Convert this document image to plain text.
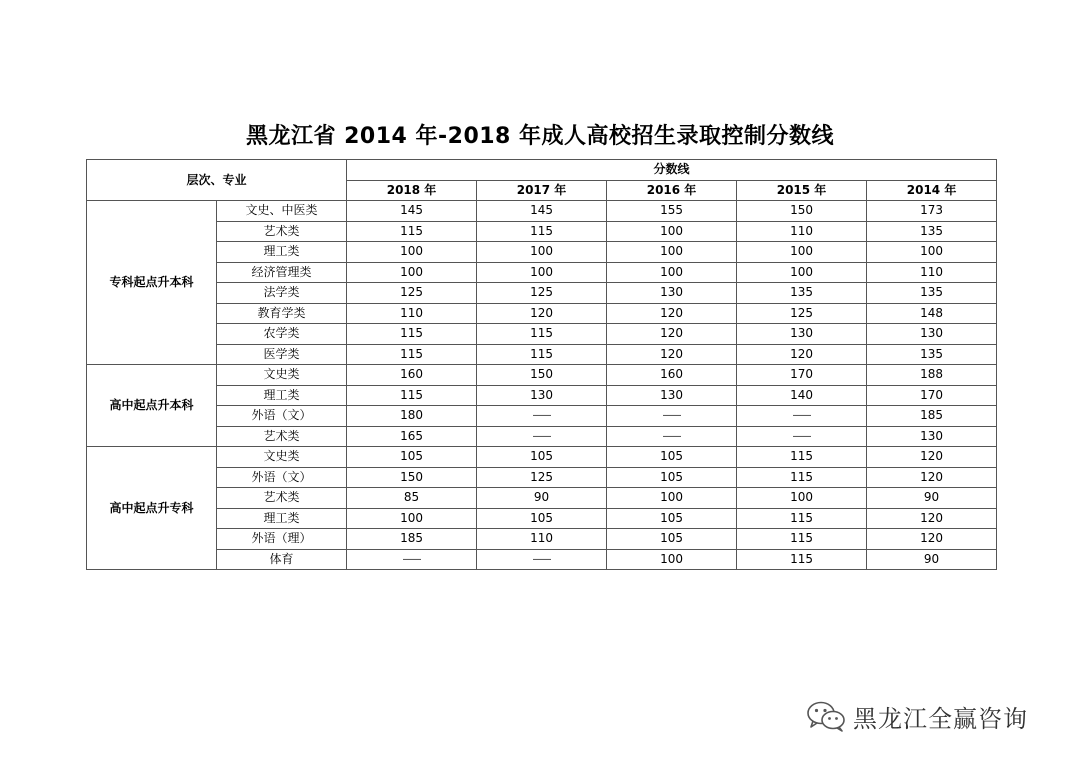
黑龙江省 2014 年-2018 年成人高校招生录取控制分数线
层次、专业		分数线				
		2018 年	2017 年	2016 年	2015 年	2014 年
专科起点升本科	文史、中医类	145	145	155	150	173
	艺术类	115	115	100	110	135
	理工类	100	100	100	100	100
	经济管理类	100	100	100	100	110
	法学类	125	125	130	135	135
	教育学类	110	120	120	125	148
	农学类	115	115	120	130	130
	医学类	115	115	120	120	135
高中起点升本科	文史类	160	150	160	170	188
	理工类	115	130	130	140	170
	外语（文）	180	——	——	——	185
	艺术类	165	——	——	——	130
高中起点升专科	文史类	105	105	105	115	120
	外语（文）	150	125	105	115	120
	艺术类	85	90	100	100	90
	理工类	100	105	105	115	120
	外语（理）	185	110	105	115	120
	体育	——	——	100	115	90
黑龙江全赢咨询
